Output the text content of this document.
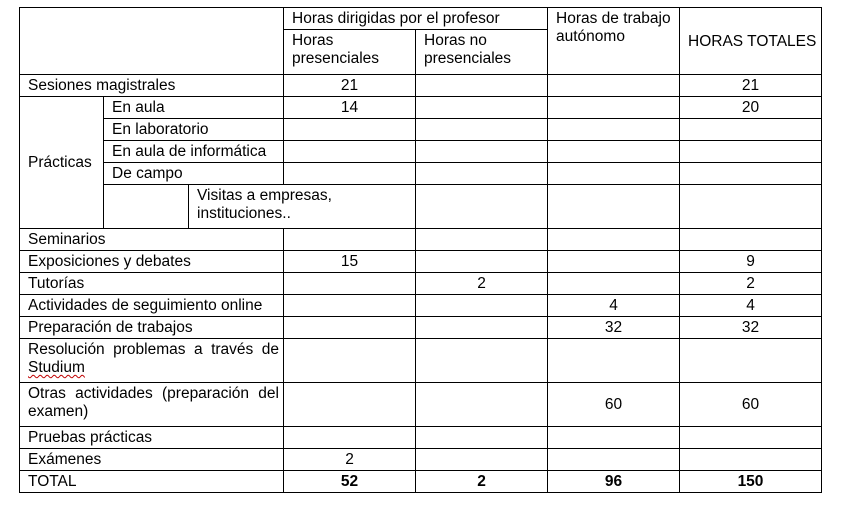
		Horas dirigidas por el profesor		Horas de trabajo autónomo	HORAS TOTALES	
		Horas presenciales	Horas no presenciales			
Sesiones magistrales		21			21	
Prácticas	En aula	14			20	
	En laboratorio					
	En aula de informática					
	De campo					

	Visitas a empresas, instituciones..					

Seminarios						
Exposiciones y debates		15			9	
Tutorías			2		2	
Actividades de seguimiento online				4	4	
Preparación de trabajos				32	32	

Resolución problemas a través de
Studium						

Otras actividades (preparación del examen)				60	60	
Pruebas prácticas						
Exámenes		2				
TOTAL		52	2	96	150	
